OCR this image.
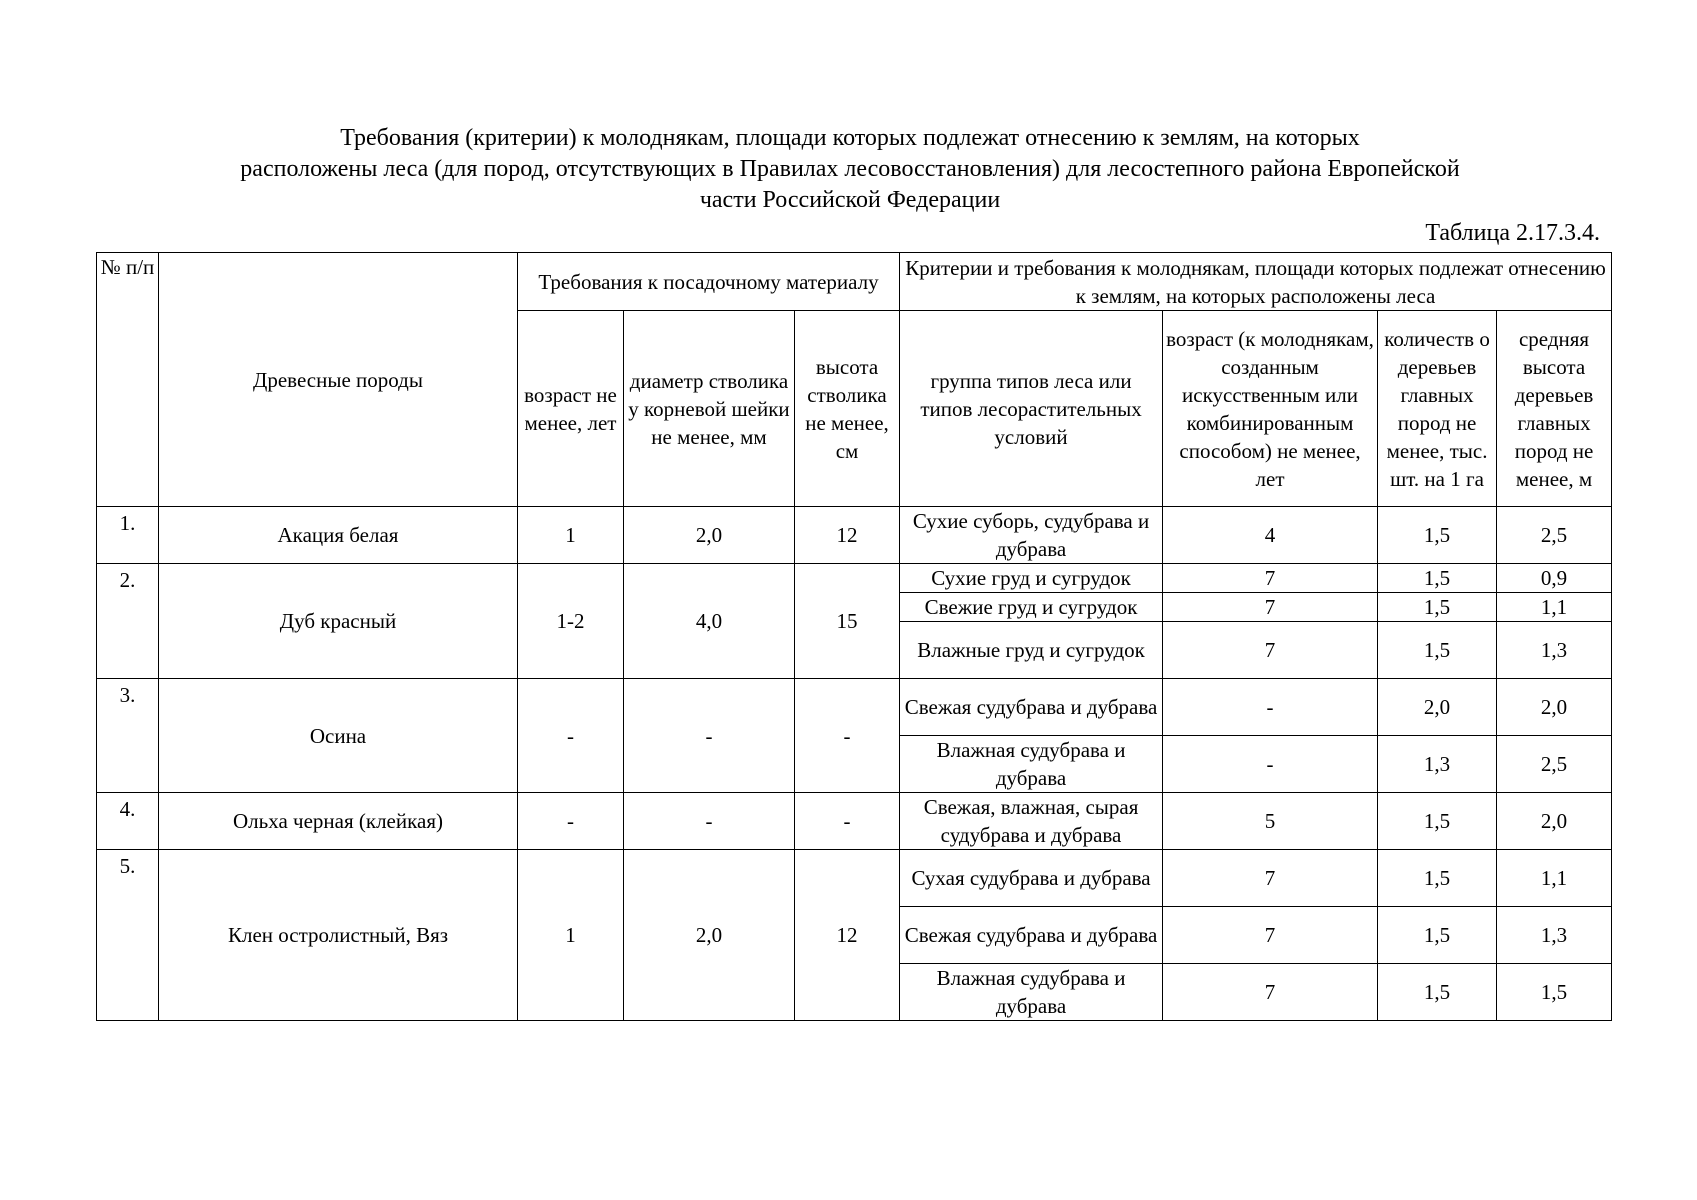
Требования (критерии) к молоднякам, площади которых подлежат отнесению к землям, на которых
расположены леса (для пород, отсутствующих в Правилах лесовосстановления) для лесостепного района Европейской
части Российской Федерации
Таблица 2.17.3.4.
№ п/п	Древесные породы	Требования к посадочному материалу			Критерии и требования к молоднякам, площади которых подлежат отнесению к землям, на которых расположены леса			
		возраст не менее, лет	диаметр стволика у корневой шейки не менее, мм	высота стволика не менее, см	группа типов леса или типов лесорастительных условий	возраст (к молоднякам, созданным искусственным или комбинированным способом) не менее, лет	количеств о деревьев главных пород не менее, тыс. шт. на 1 га	средняя высота деревьев главных пород не менее, м
1.	Акация белая	1	2,0	12	Сухие суборь, судубрава и дубрава	4	1,5	2,5
2.	Дуб красный	1-2	4,0	15	Сухие груд и сугрудок	7	1,5	0,9
					Свежие груд и сугрудок	7	1,5	1,1
					Влажные груд и сугрудок	7	1,5	1,3
3.	Осина	-	-	-	Свежая судубрава и дубрава	-	2,0	2,0
					Влажная судубрава и дубрава	-	1,3	2,5
4.	Ольха черная (клейкая)	-	-	-	Свежая, влажная, сырая судубрава и дубрава	5	1,5	2,0
5.	Клен остролистный, Вяз	1	2,0	12	Сухая судубрава и дубрава	7	1,5	1,1
					Свежая судубрава и дубрава	7	1,5	1,3
					Влажная судубрава и дубрава	7	1,5	1,5
